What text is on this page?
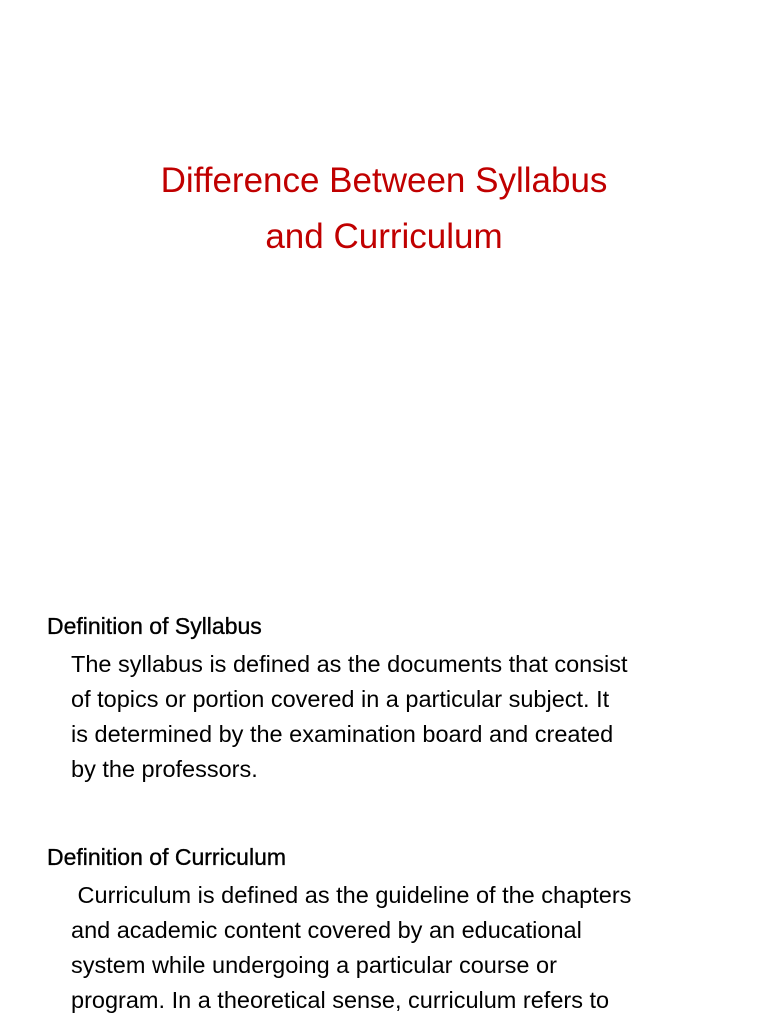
Difference Between Syllabus
and Curriculum
Definition of Syllabus
The syllabus is defined as the documents that consist
of topics or portion covered in a particular subject. It
is determined by the examination board and created
by the professors.
Definition of Curriculum
Curriculum is defined as the guideline of the chapters
and academic content covered by an educational
system while undergoing a particular course or
program. In a theoretical sense, curriculum refers to
